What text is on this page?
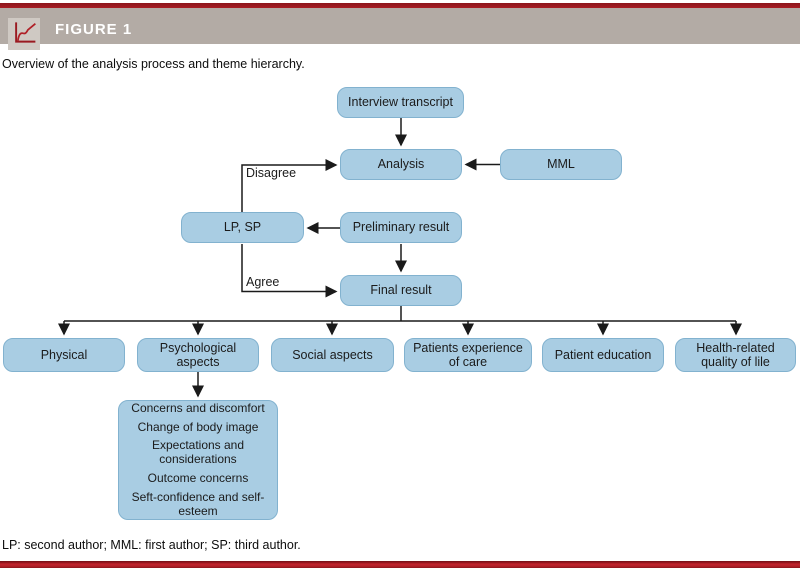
FIGURE 1
Overview of the analysis process and theme hierarchy.
Interview transcript
Analysis	MML
LP, SP	Preliminary result
Final result
Disagree
Agree
Physical
Psychological aspects
Social aspects
Patients experience of care
Patient education
Health-related quality of lile
Concerns and discomfort
Change of body image
Expectations and considerations
Outcome concerns
Seft-confidence and self-esteem
LP: second author; MML: first author; SP: third author.
